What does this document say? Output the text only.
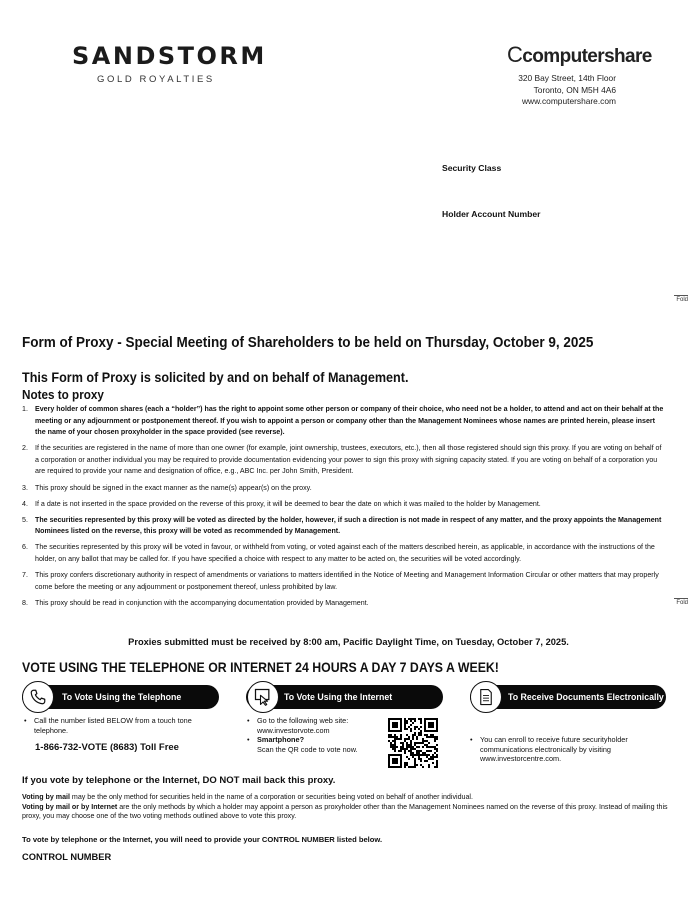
SANDSTORM
GOLD ROYALTIES
Ccomputershare
320 Bay Street, 14th Floor
Toronto, ON M5H 4A6
www.computershare.com
Security Class
Holder Account Number
Fold
Fold
Form of Proxy - Special Meeting of Shareholders to be held on Thursday, October 9, 2025
This Form of Proxy is solicited by and on behalf of Management.
Notes to proxy
1. Every holder of common shares (each a “holder”) has the right to appoint some other person or company of their choice, who need not be a holder, to attend and act on their behalf at the meeting or any adjournment or postponement thereof. If you wish to appoint a person or company other than the Management Nominees whose names are printed herein, please insert the name of your chosen proxyholder in the space provided (see reverse).
2. If the securities are registered in the name of more than one owner (for example, joint ownership, trustees, executors, etc.), then all those registered should sign this proxy. If you are voting on behalf of a corporation or another individual you may be required to provide documentation evidencing your power to sign this proxy with signing capacity stated. If you are voting on behalf of a corporation you are required to provide your name and designation of office, e.g., ABC Inc. per John Smith, President.
3. This proxy should be signed in the exact manner as the name(s) appear(s) on the proxy.
4. If a date is not inserted in the space provided on the reverse of this proxy, it will be deemed to bear the date on which it was mailed to the holder by Management.
5. The securities represented by this proxy will be voted as directed by the holder, however, if such a direction is not made in respect of any matter, and the proxy appoints the Management Nominees listed on the reverse, this proxy will be voted as recommended by Management.
6. The securities represented by this proxy will be voted in favour, or withheld from voting, or voted against each of the matters described herein, as applicable, in accordance with the instructions of the holder, on any ballot that may be called for. If you have specified a choice with respect to any matter to be acted on, the securities will be voted accordingly.
7. This proxy confers discretionary authority in respect of amendments or variations to matters identified in the Notice of Meeting and Management Information Circular or other matters that may properly come before the meeting or any adjournment or postponement thereof, unless prohibited by law.
8. This proxy should be read in conjunction with the accompanying documentation provided by Management.
Proxies submitted must be received by 8:00 am, Pacific Daylight Time, on Tuesday, October 7, 2025.
VOTE USING THE TELEPHONE OR INTERNET 24 HOURS A DAY 7 DAYS A WEEK!
To Vote Using the Telephone	To Vote Using the Internet	To Receive Documents Electronically
• Call the number listed BELOW from a touch tone telephone.
1-866-732-VOTE (8683) Toll Free
• Go to the following web site:
www.investorvote.com
• Smartphone?
Scan the QR code to vote now.
• You can enroll to receive future securityholder communications electronically by visiting www.investorcentre.com.
If you vote by telephone or the Internet, DO NOT mail back this proxy.
Voting by mail may be the only method for securities held in the name of a corporation or securities being voted on behalf of another individual.
Voting by mail or by Internet are the only methods by which a holder may appoint a person as proxyholder other than the Management Nominees named on the reverse of this proxy. Instead of mailing this proxy, you may choose one of the two voting methods outlined above to vote this proxy.
To vote by telephone or the Internet, you will need to provide your CONTROL NUMBER listed below.
CONTROL NUMBER
